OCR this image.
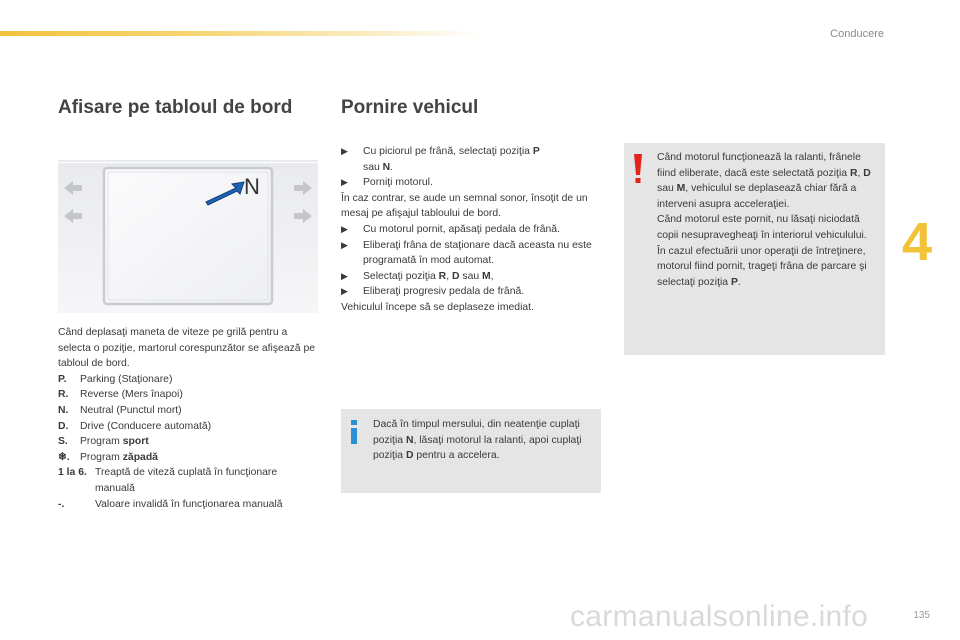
Conducere
4
Afisare pe tabloul de bord	Pornire vehicul
N
Când deplasaţi maneta de viteze pe grilă pentru a selecta o poziţie, martorul corespunzător se afişează pe tabloul de bord.
P.	Parking (Staţionare)
R.	Reverse (Mers înapoi)
N.	Neutral (Punctul mort)
D.	Drive (Conducere automată)
S.	Program sport
❄.	Program zăpadă
1 la 6. Treaptă de viteză cuplată în funcţionare manuală
-.	Valoare invalidă în funcţionarea manuală
▶	Cu piciorul pe frână, selectaţi poziţia P
sau N.
▶	Porniţi motorul.
În caz contrar, se aude un semnal sonor, însoţit de un mesaj pe afişajul tabloului de bord.
▶	Cu motorul pornit, apăsaţi pedala de frână.
▶	Eliberaţi frâna de staţionare dacă aceasta nu este programată în mod automat.
▶	Selectaţi poziţia R, D sau M,
▶	Eliberaţi progresiv pedala de frână.
Vehiculul începe să se deplaseze imediat.
Dacă în timpul mersului, din neatenţie cuplaţi poziţia N, lăsaţi motorul la ralanti, apoi cuplaţi poziţia D pentru a accelera.
Când motorul funcţionează la ralanti, frânele fiind eliberate, dacă este selectată poziţia R, D sau M, vehiculul se deplasează chiar fără a interveni asupra acceleraţiei.
Când motorul este pornit, nu lăsaţi niciodată copii nesupravegheaţi în interiorul vehiculului.
În cazul efectuării unor operaţii de întreţinere, motorul fiind pornit, trageţi frâna de parcare şi selectaţi poziţia P.
carmanualsonline.info	135
